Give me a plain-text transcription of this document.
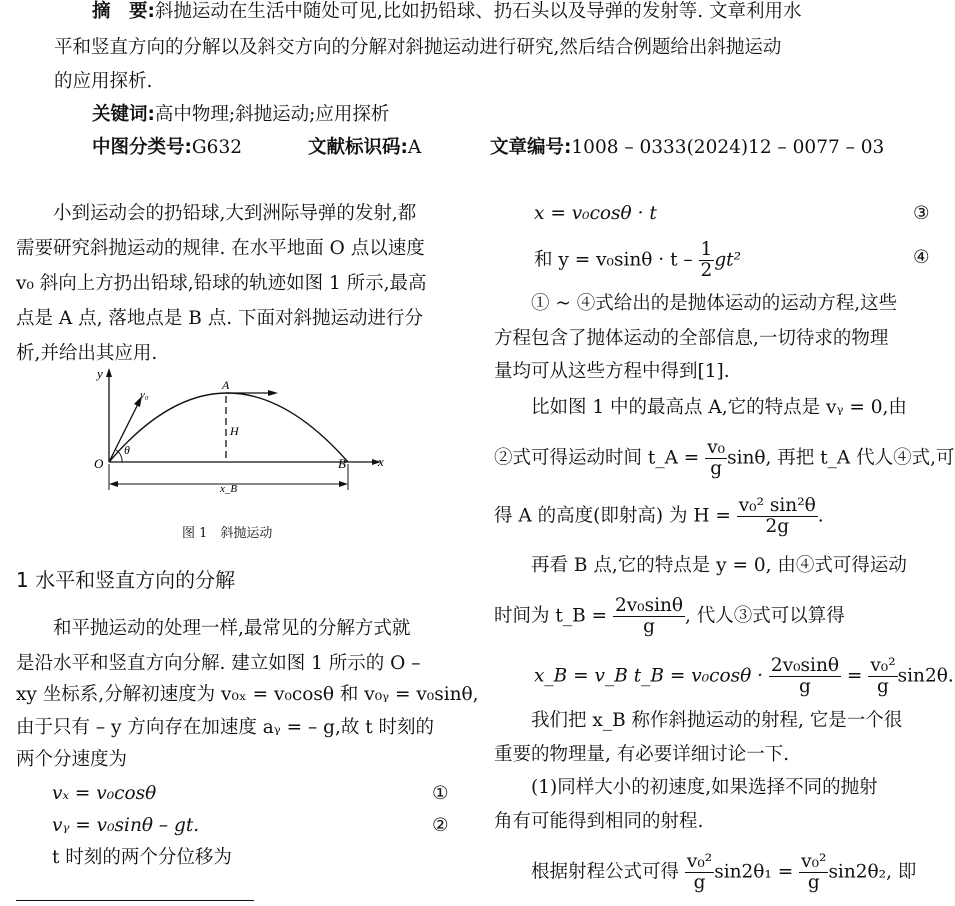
摘　要:斜抛运动在生活中随处可见,比如扔铅球、扔石头以及导弹的发射等. 文章利用水
平和竖直方向的分解以及斜交方向的分解对斜抛运动进行研究,然后结合例题给出斜抛运动
的应用探析.
关键词:高中物理;斜抛运动;应用探析
中图分类号:G632	文献标识码:A	文章编号:1008 – 0333(2024)12 – 0077 – 03
　　小到运动会的扔铅球,大到洲际导弹的发射,都
需要研究斜抛运动的规律. 在水平地面 O 点以速度
v₀ 斜向上方扔出铅球,铅球的轨迹如图 1 所示,最高
点是 A 点, 落地点是 B 点. 下面对斜抛运动进行分
析,并给出其应用.
y
x
v₀
A
H
O
θ
B
x_B
图 1　斜抛运动
1 水平和竖直方向的分解
　　和平抛运动的处理一样,最常见的分解方式就
是沿水平和竖直方向分解. 建立如图 1 所示的 O –
xy 坐标系,分解初速度为 v₀ₓ = v₀cosθ 和 v₀ᵧ = v₀sinθ,
由于只有 – y 方向存在加速度 aᵧ = – g,故 t 时刻的
两个分速度为
vₓ = v₀cosθ	①
vᵧ = v₀sinθ – gt.	②
t 时刻的两个分位移为
x = v₀cosθ · t	③
和 $y = v_0\sin\theta \cdot t - \frac{1}{2} gt^2$	④
　　① ~ ④式给出的是抛体运动的运动方程,这些
方程包含了抛体运动的全部信息,一切待求的物理
量均可从这些方程中得到[1].
　　比如图 1 中的最高点 A,它的特点是 vᵧ = 0,由
②式可得运动时间 t_A = $\frac{\text{v₀}}{g} \sin\theta$, 再把 t_A 代人④式,可
得 A 的高度(即射高) 为 $H = \frac{\text{v₀² sin²θ}}{2g}$ .
　　再看 B 点,它的特点是 y = 0, 由④式可得运动
时间为 t_B = $\frac{\text{2v₀sinθ}}{g}$ , 代人③式可以算得
x_B = v_B t_B = $v_0\cos\theta \cdot \frac{\text{2v₀sinθ}}{g} = \frac{\text{v₀²}}{g} \sin 2\theta$.
　　我们把 x_B 称作斜抛运动的射程, 它是一个很
重要的物理量, 有必要详细讨论一下.
　　(1)同样大小的初速度,如果选择不同的抛射
角有可能得到相同的射程.
　　根据射程公式可得 $\frac{\text{v₀²}}{g} \sin 2\theta_1 = \frac{\text{v₀²}}{g} \sin 2\theta_2$, 即
